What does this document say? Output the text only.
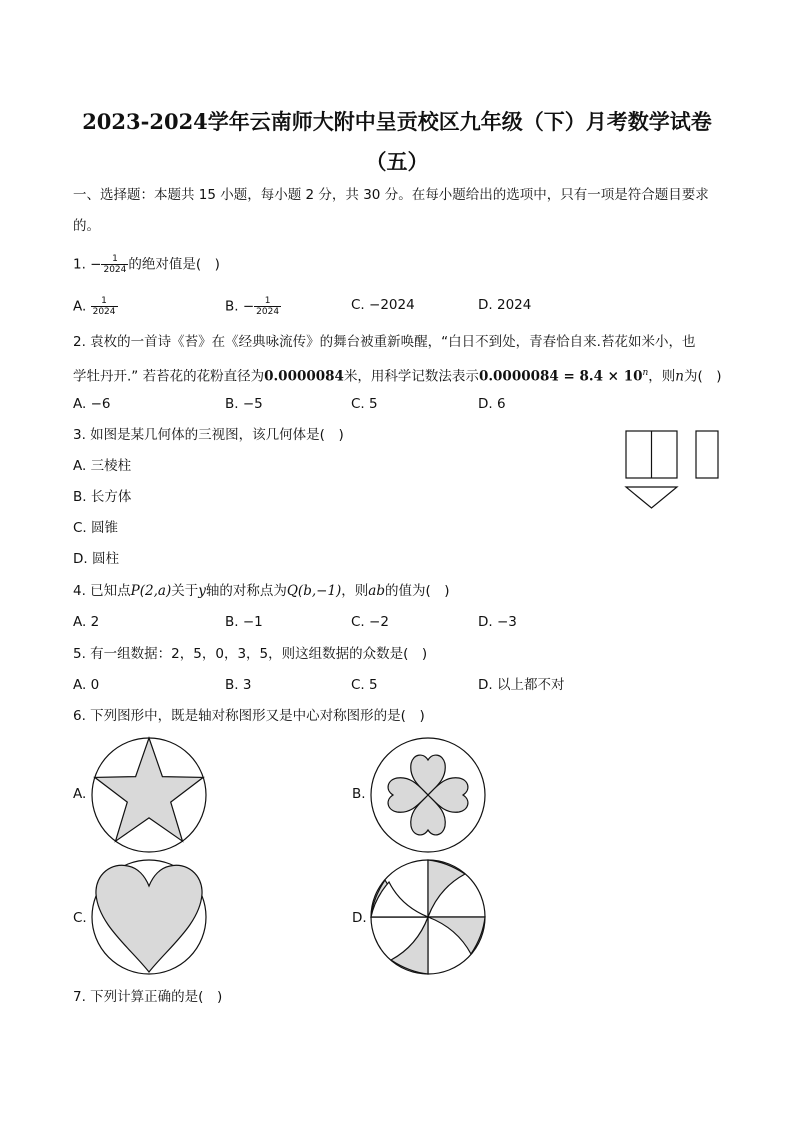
2023-2024学年云南师大附中呈贡校区九年级（下）月考数学试卷
（五）
一、选择题：本题共 15 小题，每小题 2 分，共 30 分。在每小题给出的选项中，只有一项是符合题目要求
的。
1. − $\frac{1}{2024}$ 的绝对值是(　)
A. $\frac{1}{2024}$	B. − $\frac{1}{2024}$	C. −2024	D. 2024
2. 袁枚的一首诗《苔》在《经典咏流传》的舞台被重新唤醒，“白日不到处，青春恰自来.苔花如米小，也
学牡丹开.” 若苔花的花粉直径为0.0000084米，用科学记数法表示$0.0000084 = 8.4 \times 10^n$，则n为(　)
A. −6	B. −5	C. 5	D. 6
3. 如图是某几何体的三视图，该几何体是(　)
A. 三棱柱
B. 长方体
C. 圆锥
D. 圆柱
4. 已知点P(2,a)关于y轴的对称点为Q(b,−1)，则ab的值为(　)
A. 2	B. −1	C. −2	D. −3
5. 有一组数据：2，5，0，3，5，则这组数据的众数是(　)
A. 0	B. 3	C. 5	D. 以上都不对
6. 下列图形中，既是轴对称图形又是中心对称图形的是(　)
A.	B.
C.	D.
7. 下列计算正确的是(　)
